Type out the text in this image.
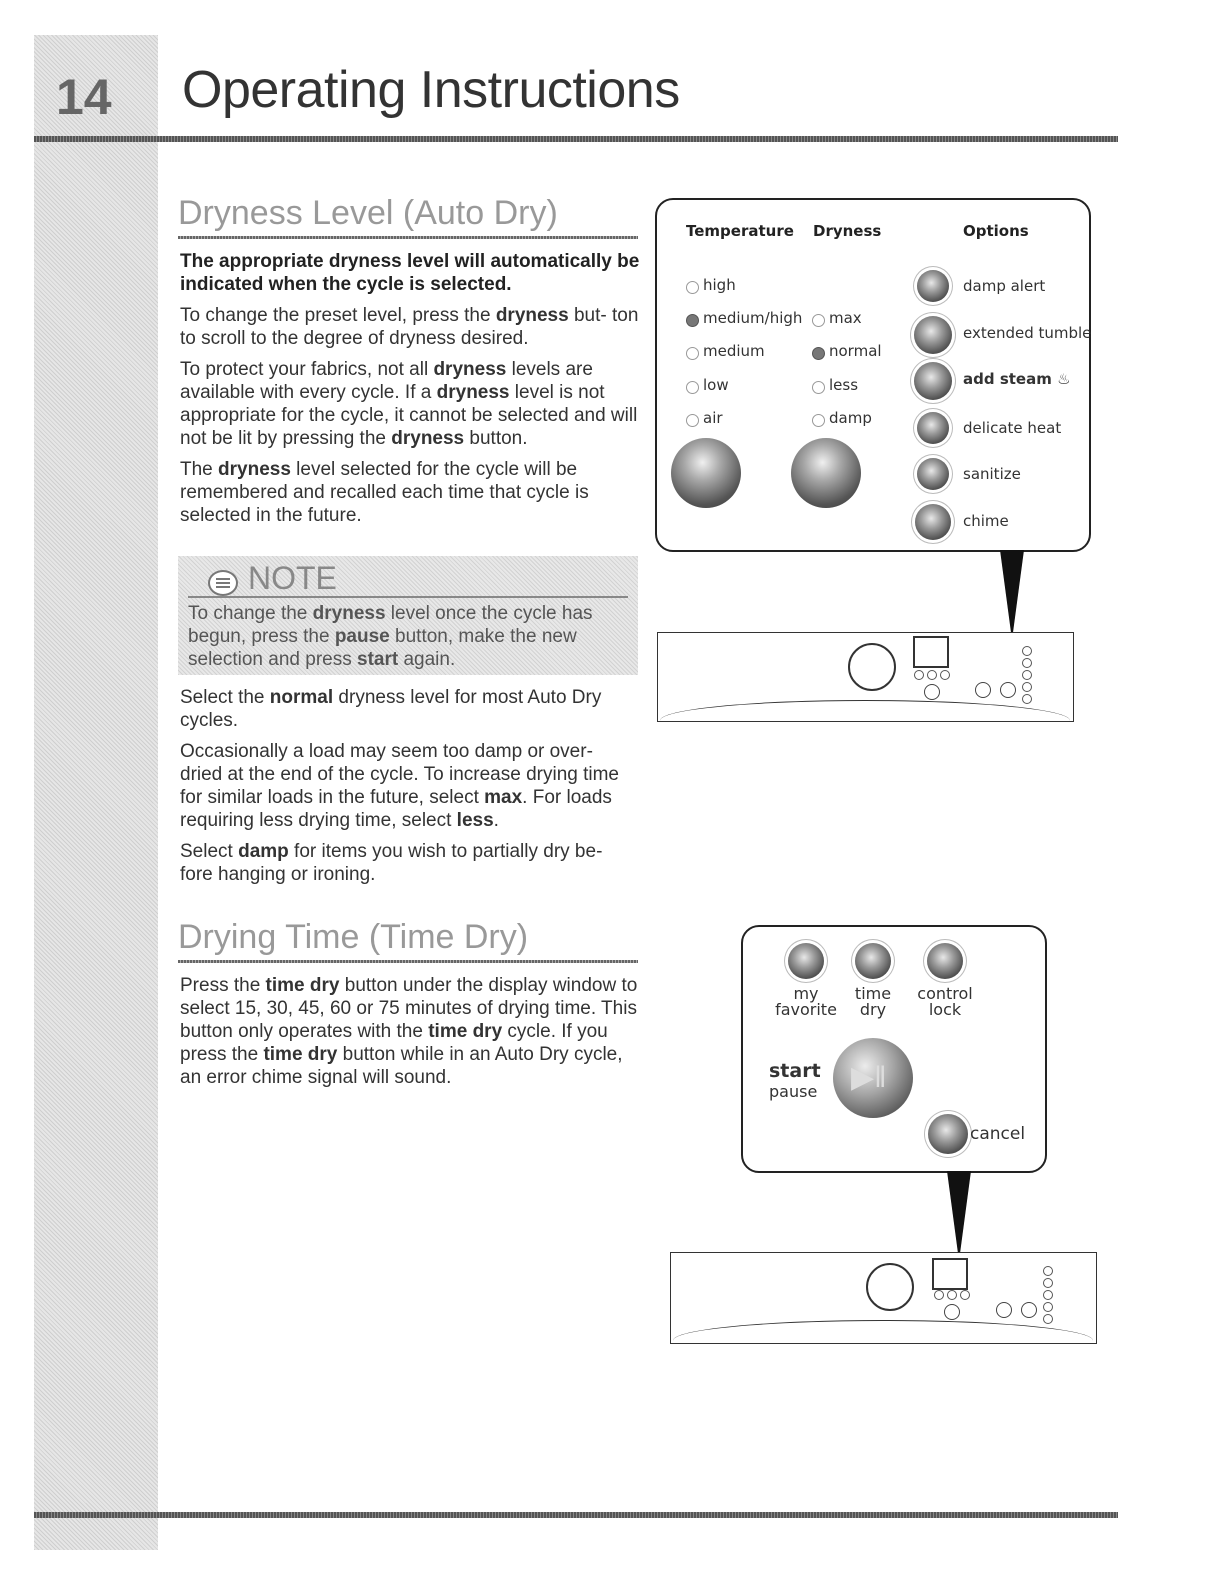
14 Operating Instructions
Dryness Level (Auto Dry)

The appropriate dryness level will automatically be indicated when the cycle is selected.

To change the preset level, press the dryness but- ton to scroll to the degree of dryness desired.

To protect your fabrics, not all dryness levels are available with every cycle. If a dryness level is not appropriate for the cycle, it cannot be selected and will not be lit by pressing the dryness button.

The dryness level selected for the cycle will be remembered and recalled each time that cycle is selected in the future.

NOTE
To change the dryness level once the cycle has begun, press the pause button, make the new selection and press start again.

Select the normal dryness level for most Auto Dry cycles.

Occasionally a load may seem too damp or over- dried at the end of the cycle. To increase drying time for similar loads in the future, select max. For loads requiring less drying time, select less.

Select damp for items you wish to partially dry be- fore hanging or ironing.

Drying Time (Time Dry)

Press the time dry button under the display window to select 15, 30, 45, 60 or 75 minutes of drying time. This button only operates with the time dry cycle. If you press the time dry button while in an Auto Dry cycle, an error chime signal will sound.

Temperature Dryness	Options
high
medium/high
medium
low
air
max
normal
less
damp
damp alert
extended tumble
add steam ♨
delicate heat
sanitize
chime
my
favorite
time
dry
control
lock
start
pause ▶‖
cancel
